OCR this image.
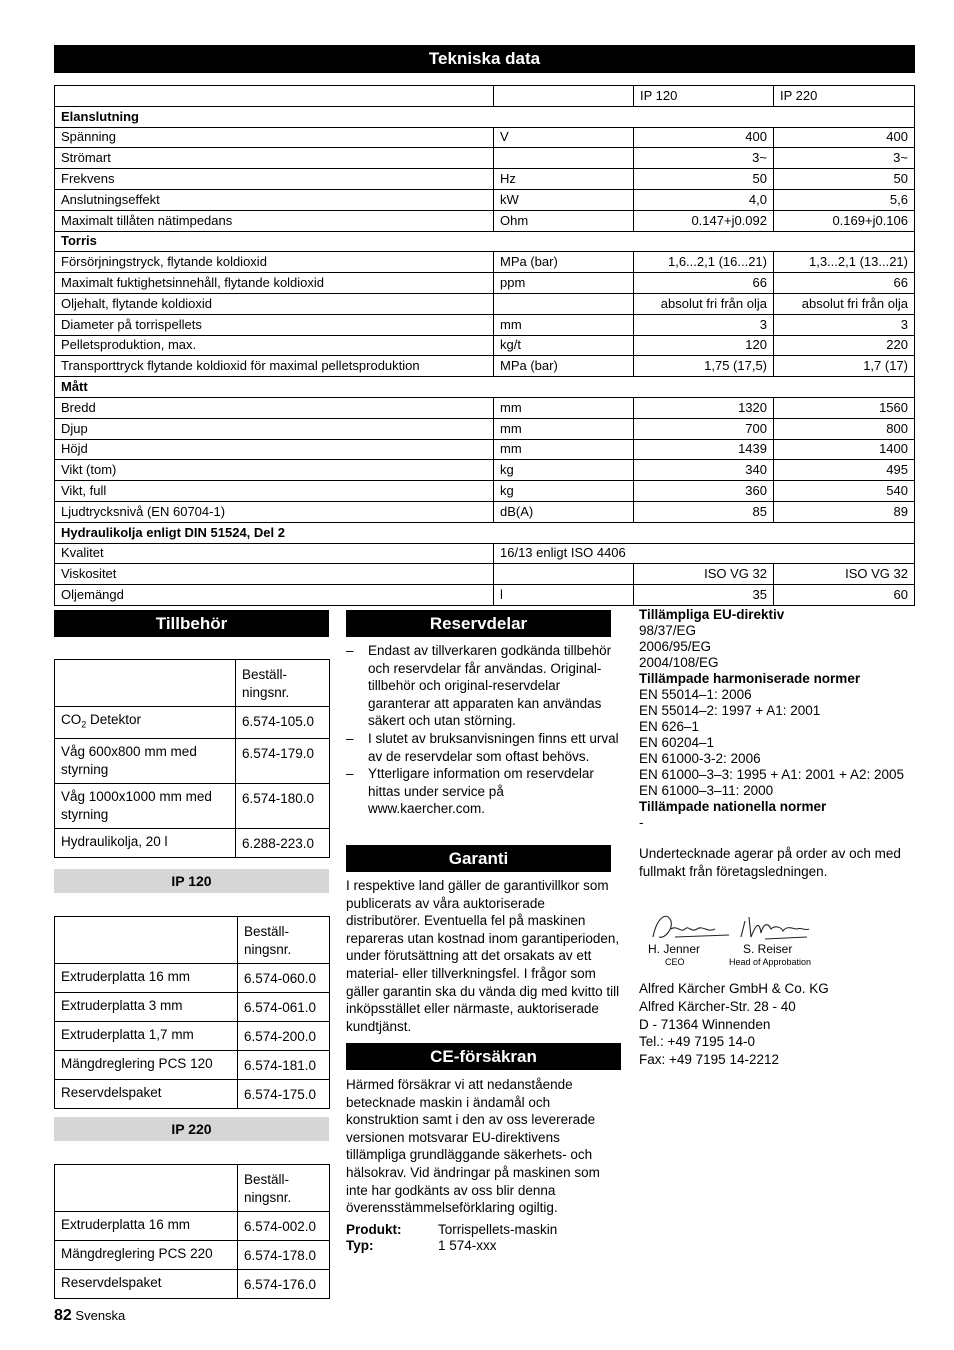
Tekniska data
		IP 120	IP 220
Elanslutning			
Spänning	V	400	400
Strömart		3~	3~
Frekvens	Hz	50	50
Anslutningseffekt	kW	4,0	5,6
Maximalt tillåten nätimpedans	Ohm	0.147+j0.092	0.169+j0.106
Torris			
Försörjningstryck, flytande koldioxid	MPa (bar)	1,6...2,1 (16...21)	1,3...2,1 (13...21)
Maximalt fuktighetsinnehåll, flytande koldioxid	ppm	66	66
Oljehalt, flytande koldioxid		absolut fri från olja	absolut fri från olja
Diameter på torrispellets	mm	3	3
Pelletsproduktion, max.	kg/t	120	220
Transporttryck flytande koldioxid för maximal pelletsproduktion	MPa (bar)	1,75 (17,5)	1,7 (17)
Mått			
Bredd	mm	1320	1560
Djup	mm	700	800
Höjd	mm	1439	1400
Vikt (tom)	kg	340	495
Vikt, full	kg	360	540
Ljudtrycksnivå (EN 60704-1)	dB(A)	85	89
Hydraulikolja enligt DIN 51524, Del 2			
Kvalitet	16/13 enligt ISO 4406		
Viskositet		ISO VG 32	ISO VG 32
Oljemängd	l	35	60
Tillbehör
	Beställ-
ningsnr.
$CO_2$ Detektor	6.574-105.0
Våg 600x800 mm med styrning	6.574-179.0
Våg 1000x1000 mm med styrning	6.574-180.0
Hydraulikolja, 20 l	6.288-223.0
IP 120
	Beställ-
ningsnr.
Extruderplatta 16 mm	6.574-060.0
Extruderplatta 3 mm	6.574-061.0
Extruderplatta 1,7 mm	6.574-200.0
Mängdreglering PCS 120	6.574-181.0
Reservdelspaket	6.574-175.0
IP 220
	Beställ-
ningsnr.
Extruderplatta 16 mm	6.574-002.0
Mängdreglering PCS 220	6.574-178.0
Reservdelspaket	6.574-176.0
Reservdelar
– Endast av tillverkaren godkända tillbehör och reservdelar får användas. Original-tillbehör och original-reservdelar garanterar att apparaten kan användas säkert och utan störning.
– I slutet av bruksanvisningen finns ett urval av de reservdelar som oftast behövs.
– Ytterligare information om reservdelar hittas under service på www.kaercher.com.
Garanti

I respektive land gäller de garantivillkor som publicerats av våra auktoriserade distributörer. Eventuella fel på maskinen repareras utan kostnad inom garantiperioden, under förutsättning att det orsakats av ett material- eller tillverkningsfel. I frågor som gäller garantin ska du vända dig med kvitto till inköpsstället eller närmaste, auktoriserade kundtjänst.

CE-försäkran

Härmed försäkrar vi att nedanstående betecknade maskin i ändamål och konstruktion samt i den av oss levererade versionen motsvarar EU-direktivens tillämpliga grundläggande säkerhets- och hälsokrav. Vid ändringar på maskinen som inte har godkänts av oss blir denna överensstämmelseförklaring ogiltig.

Produkt:	Torrispellets-maskin
Typ:	1 574-xxx
Tillämpliga EU-direktiv
98/37/EG
2006/95/EG
2004/108/EG
Tillämpade harmoniserade normer
EN 55014–1: 2006
EN 55014–2: 1997 + A1: 2001
EN 626–1
EN 60204–1
EN 61000-3-2: 2006
EN 61000–3–3: 1995 + A1: 2001 + A2: 2005
EN 61000–3–11: 2000
Tillämpade nationella normer
-
Undertecknade agerar på order av och med fullmakt från företagsledningen.
H. Jenner
CEO
S. Reiser
Head of Approbation
Alfred Kärcher GmbH & Co. KG
Alfred Kärcher-Str. 28 - 40
D - 71364 Winnenden
Tel.: +49 7195 14-0
Fax: +49 7195 14-2212
82 Svenska
